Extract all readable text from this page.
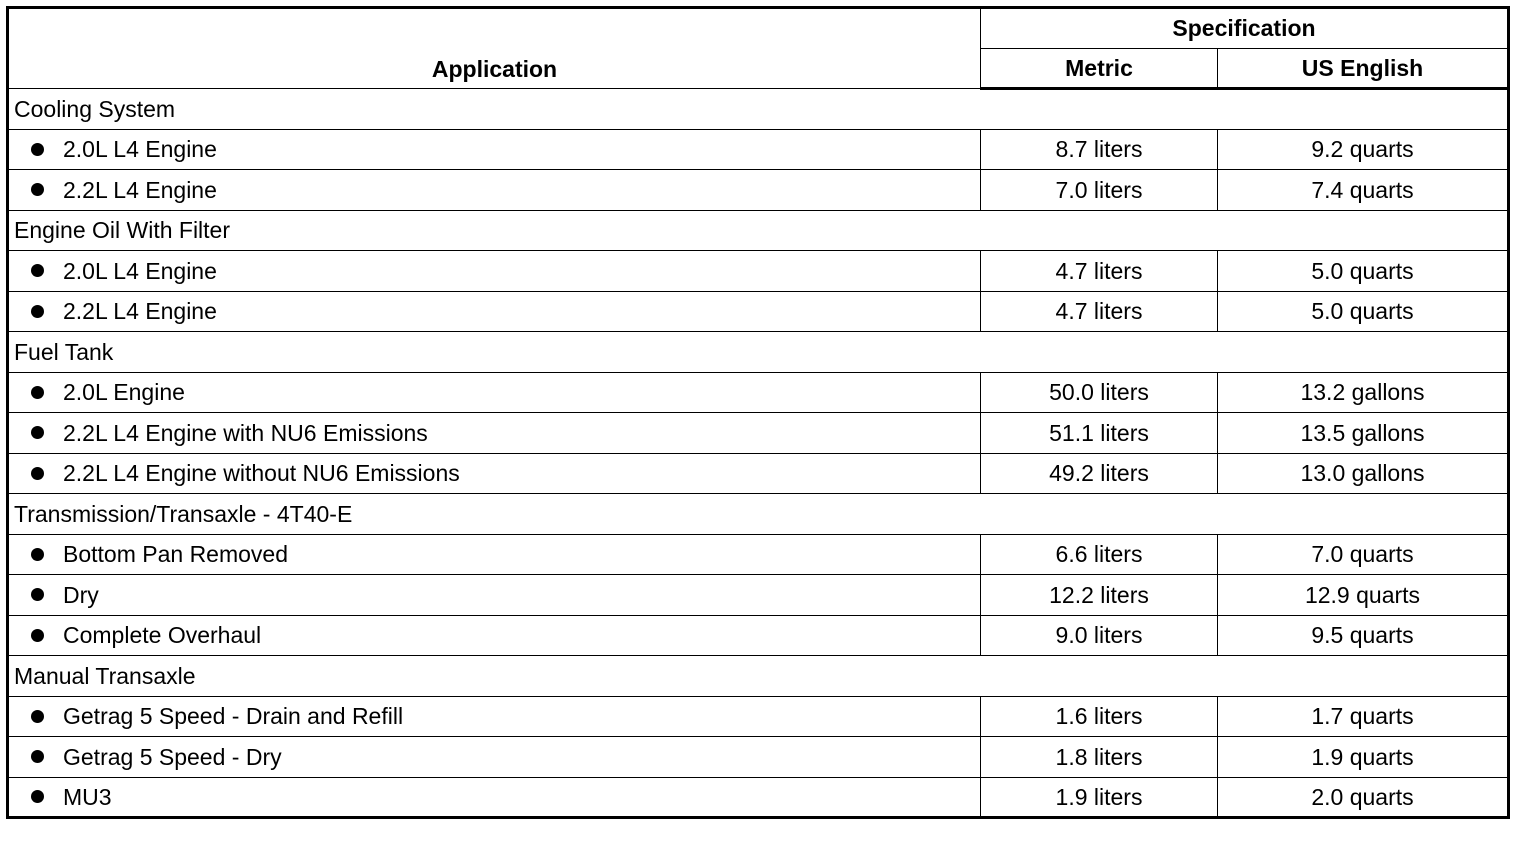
Application	Specification	
	Metric	US English
Cooling System		
2.0L L4 Engine	8.7 liters	9.2 quarts
2.2L L4 Engine	7.0 liters	7.4 quarts
Engine Oil With Filter		
2.0L L4 Engine	4.7 liters	5.0 quarts
2.2L L4 Engine	4.7 liters	5.0 quarts
Fuel Tank		
2.0L Engine	50.0 liters	13.2 gallons
2.2L L4 Engine with NU6 Emissions	51.1 liters	13.5 gallons
2.2L L4 Engine without NU6 Emissions	49.2 liters	13.0 gallons
Transmission/Transaxle - 4T40-E		
Bottom Pan Removed	6.6 liters	7.0 quarts
Dry	12.2 liters	12.9 quarts
Complete Overhaul	9.0 liters	9.5 quarts
Manual Transaxle		
Getrag 5 Speed - Drain and Refill	1.6 liters	1.7 quarts
Getrag 5 Speed - Dry	1.8 liters	1.9 quarts
MU3	1.9 liters	2.0 quarts
